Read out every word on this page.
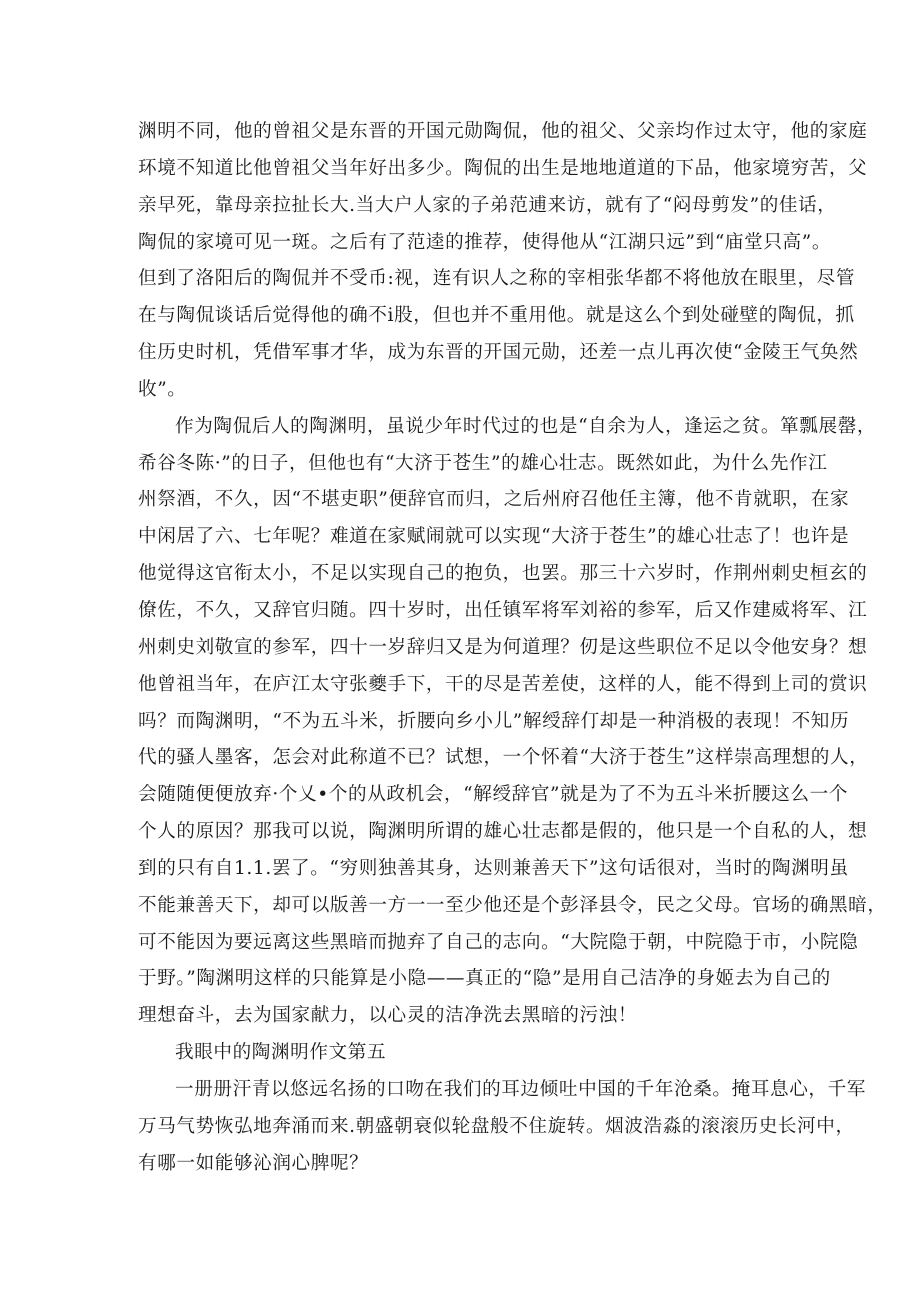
渊明不同，他的曾祖父是东晋的开国元勋陶侃，他的祖父、父亲均作过太守，他的家庭
环境不知道比他曾祖父当年好出多少。陶侃的出生是地地道道的下品，他家境穷苦，父
亲早死，靠母亲拉扯长大.当大户人家的子弟范逋来访，就有了“闷母剪发”的佳话，
陶侃的家境可见一斑。之后有了范逵的推荐，使得他从“江湖只远”到“庙堂只高”。
但到了洛阳后的陶侃并不受币:视，连有识人之称的宰相张华都不将他放在眼里，尽管
在与陶侃谈话后觉得他的确不i股，但也并不重用他。就是这么个到处碰壁的陶侃，抓
住历史时机，凭借军事才华，成为东晋的开国元勋，还差一点儿再次使“金陵王气奂然
收”。

作为陶侃后人的陶渊明，虽说少年时代过的也是“自余为人，逢运之贫。箪瓢展罄，
希谷冬陈·”的日子，但他也有“大济于苍生”的雄心壮志。既然如此，为什么先作江
州祭酒，不久，因“不堪吏职”便辞官而归，之后州府召他任主簿，他不肯就职，在家
中闲居了六、七年呢？难道在家赋闹就可以实现“大济于苍生”的雄心壮志了！也许是
他觉得这官衔太小，不足以实现自己的抱负，也罢。那三十六岁时，作荆州刺史桓玄的
僚佐，不久，又辞官归随。四十岁时，出任镇军将军刘裕的参军，后又作建威将军、江
州刺史刘敬宣的参军，四十一岁辞归又是为何道理？仞是这些职位不足以令他安身？想
他曾祖当年，在庐江太守张夔手下，干的尽是苦差使，这样的人，能不得到上司的赏识
吗？而陶渊明，“不为五斗米，折腰向乡小儿”解绶辞仃却是一种消极的表现！不知历
代的骚人墨客，怎会对此称道不已？试想，一个怀着“大济于苍生”这样崇高理想的人，
会随随便便放弃·个乂•个的从政机会，“解绶辞官”就是为了不为五斗米折腰这么一个
个人的原因？那我可以说，陶渊明所谓的雄心壮志都是假的，他只是一个自私的人，想
到的只有自1.1.罢了。“穷则独善其身，达则兼善天下”这句话很对，当时的陶渊明虽
不能兼善天下，却可以版善一方一一至少他还是个彭泽县令，民之父母。官场的确黑暗，
可不能因为要远离这些黑暗而抛弃了自己的志向。“大院隐于朝，中院隐于市，小院隐
于野。”陶渊明这样的只能算是小隐——真正的“隐”是用自己洁净的身姬去为自己的
理想奋斗，去为国家献力，以心灵的洁净洗去黑暗的污浊！

我眼中的陶渊明作文第五

一册册汗青以悠远名扬的口吻在我们的耳边倾吐中国的千年沧桑。掩耳息心，千军
万马气势恢弘地奔涌而来.朝盛朝衰似轮盘般不住旋转。烟波浩淼的滚滚历史长河中，
有哪一如能够沁润心脾呢？
